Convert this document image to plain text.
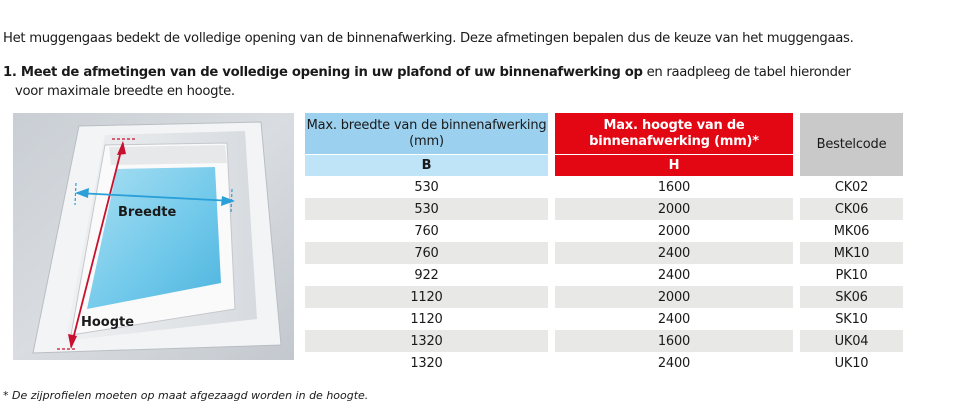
Het muggengaas bedekt de volledige opening van de binnenafwerking. Deze afmetingen bepalen dus de keuze van het muggengaas.
1. Meet de afmetingen van de volledige opening in uw plafond of uw binnenafwerking op en raadpleeg de tabel hieronder
voor maximale breedte en hoogte.
Breedte
Hoogte
Max. breedte van de binnenafwerking (mm)		Max. hoogte van de binnenafwerking (mm)*		Bestelcode
B		H		
530		1600		CK02
530		2000		CK06
760		2000		MK06
760		2400		MK10
922		2400		PK10
1120		2000		SK06
1120		2400		SK10
1320		1600		UK04
1320		2400		UK10
* De zijprofielen moeten op maat afgezaagd worden in de hoogte.
